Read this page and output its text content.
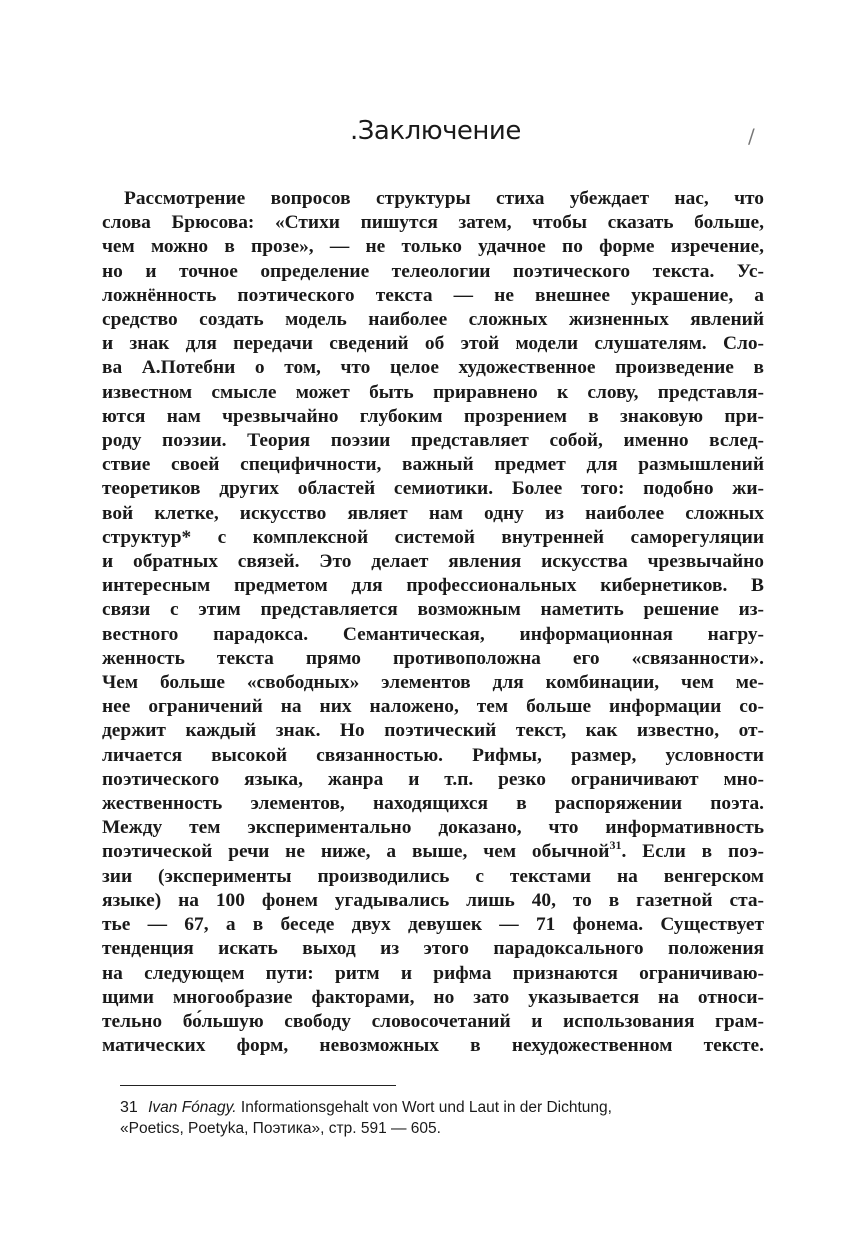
.Заключение	/
Рассмотрение вопросов структуры стиха убеждает нас, что
слова Брюсова: «Стихи пишутся затем, чтобы сказать больше,
чем можно в прозе», — не только удачное по форме изречение,
но и точное определение телеологии поэтического текста. Ус-
ложнённость поэтического текста — не внешнее украшение, а
средство создать модель наиболее сложных жизненных явлений
и знак для передачи сведений об этой модели слушателям. Сло-
ва А.Потебни о том, что целое художественное произведение в
известном смысле может быть приравнено к слову, представля-
ются нам чрезвычайно глубоким прозрением в знаковую при-
роду поэзии. Теория поэзии представляет собой, именно вслед-
ствие своей специфичности, важный предмет для размышлений
теоретиков других областей семиотики. Более того: подобно жи-
вой клетке, искусство являет нам одну из наиболее сложных
структур* с комплексной системой внутренней саморегуляции
и обратных связей. Это делает явления искусства чрезвычайно
интересным предметом для профессиональных кибернетиков. В
связи с этим представляется возможным наметить решение из-
вестного парадокса. Семантическая, информационная нагру-
женность текста прямо противоположна его «связанности».
Чем больше «свободных» элементов для комбинации, чем ме-
нее ограничений на них наложено, тем больше информации со-
держит каждый знак. Но поэтический текст, как известно, от-
личается высокой связанностью. Рифмы, размер, условности
поэтического языка, жанра и т.п. резко ограничивают мно-
жественность элементов, находящихся в распоряжении поэта.
Между тем экспериментально доказано, что информативность
поэтической речи не ниже, а выше, чем обычной$^{31}$. Если в поэ-
зии (эксперименты производились с текстами на венгерском
языке) на 100 фонем угадывались лишь 40, то в газетной ста-
тье — 67, а в беседе двух девушек — 71 фонема. Существует
тенденция искать выход из этого парадоксального положения
на следующем пути: ритм и рифма признаются ограничиваю-
щими многообразие факторами, но зато указывается на относи-
тельно бо́льшую свободу словосочетаний и использования грам-
матических форм, невозможных в нехудожественном тексте.
31 Ivan Fónagy. Informationsgehalt von Wort und Laut in der Dichtung,
«Poetics, Poetyka, Поэтика», стр. 591 — 605.
